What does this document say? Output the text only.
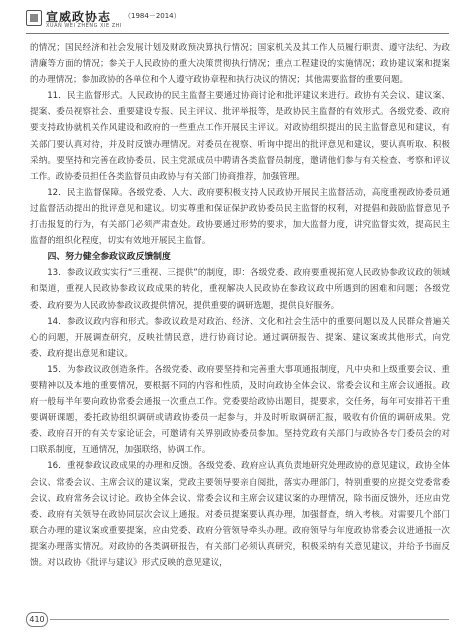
宣威政协志 （1984－2014）
XUAN WEI ZHENG XIE ZHI

的情况；国民经济和社会发展计划及财政预决算执行情况；国家机关及其工作人员履行职责、遵守法纪、为政清廉等方面的情况；参关于人民政协的重大决策贯彻执行情况；重点工程建设的实施情况；政协建议案和提案的办理情况；参加政协的各单位和个人遵守政协章程和执行决议的情况；其他需要监督的重要问题。

11．民主监督形式。人民政协的民主监督主要通过协商讨论和批评建议来进行。政协有关会议、建议案、提案、委员视察社会、重要建设专报、民主评议、批评举报等，是政协民主监督的有效形式。各级党委、政府要支持政协就机关作风建设和政府的一些重点工作开展民主评议。对政协组织提出的民主监督意见和建议，有关部门要认真对待，并及时反馈办理情况。对委员在视察、听询中提出的批评意见和建议，要认真听取、积极采纳。要坚持和完善在政协委员、民主党派成员中聘请各类监督员制度，邀请他们参与有关检查、考察和评议工作。政协委员担任各类监督员由政协与有关部门协商推荐，加强管理。

12．民主监督保障。各级党委、人大、政府要积极支持人民政协开展民主监督活动，高度重视政协委员通过监督活动提出的批评意见和建议。切实尊重和保证保护政协委员民主监督的权利，对提倡和鼓励监督意见予打击报复的行为，有关部门必须严肃查处。政协要通过形势的要求，加大监督力度，讲究监督实效，提高民主监督的组织化程度，切实有效地开展民主监督。

四、努力健全参政议政反馈制度

13．参政议政实实行“三重视、三提供”的制度，即：各级党委、政府要重视拓宽人民政协参政议政的领域和渠道，重视人民政协参政议政成果的转化，重视解决人民政协在参政议政中所遇到的困难和问题；各级党委、政府要为人民政协参政议政提供情况，提供重要的调研选题，提供良好服务。

14．参政议政内容和形式。参政议政是对政治、经济、文化和社会生活中的重要问题以及人民群众普遍关心的问题，开展调查研究，反映社情民意，进行协商讨论。通过调研报告、提案、建议案或其他形式，向党委、政府提出意见和建议。

15．为参政议政创造条件。各级党委、政府要坚持和完善重大事项通报制度，凡中央和上级重要会议、重要精神以及本地的重要情况，要根据不同的内容和性质，及时向政协全体会议、常委会议和主席会议通报。政府一般每半年要向政协常委会通报一次重点工作。党委要给政协出题目，提要求，交任务，每年可安排若干重要调研课题，委托政协组织调研或请政协委员一起参与，并及时听取调研汇报，吸收有价值的调研成果。党委、政府召开的有关专家论证会，可邀请有关界别政协委员参加。坚持党政有关部门与政协各专门委员会的对口联系制度，互通情况，加强联络，协调工作。

16．重视参政议政成果的办理和反馈。各级党委、政府应认真负责地研究处理政协的意见建议，政协全体会议、常委会议、主席会议的建议案，党政主要领导要亲自阅批，落实办理部门，特别重要的应提交党委常委会议、政府常务会议讨论。政协全体会议、常委会议和主席会议建议案的办理情况，除书面反馈外，还应由党委、政府有关领导在政协同层次会议上通报。对委员提案要认真办理，加强督查，纳入考核。对需要几个部门联合办理的建议案或重要提案，应由党委、政府分管领导牵头办理。政府领导与年度政协常委会议进通报一次提案办理落实情况。对政协的各类调研报告，有关部门必须认真研究，积极采纳有关意见建议，并给予书面反馈。对以政协《批评与建议》形式反映的意见建议，

410
